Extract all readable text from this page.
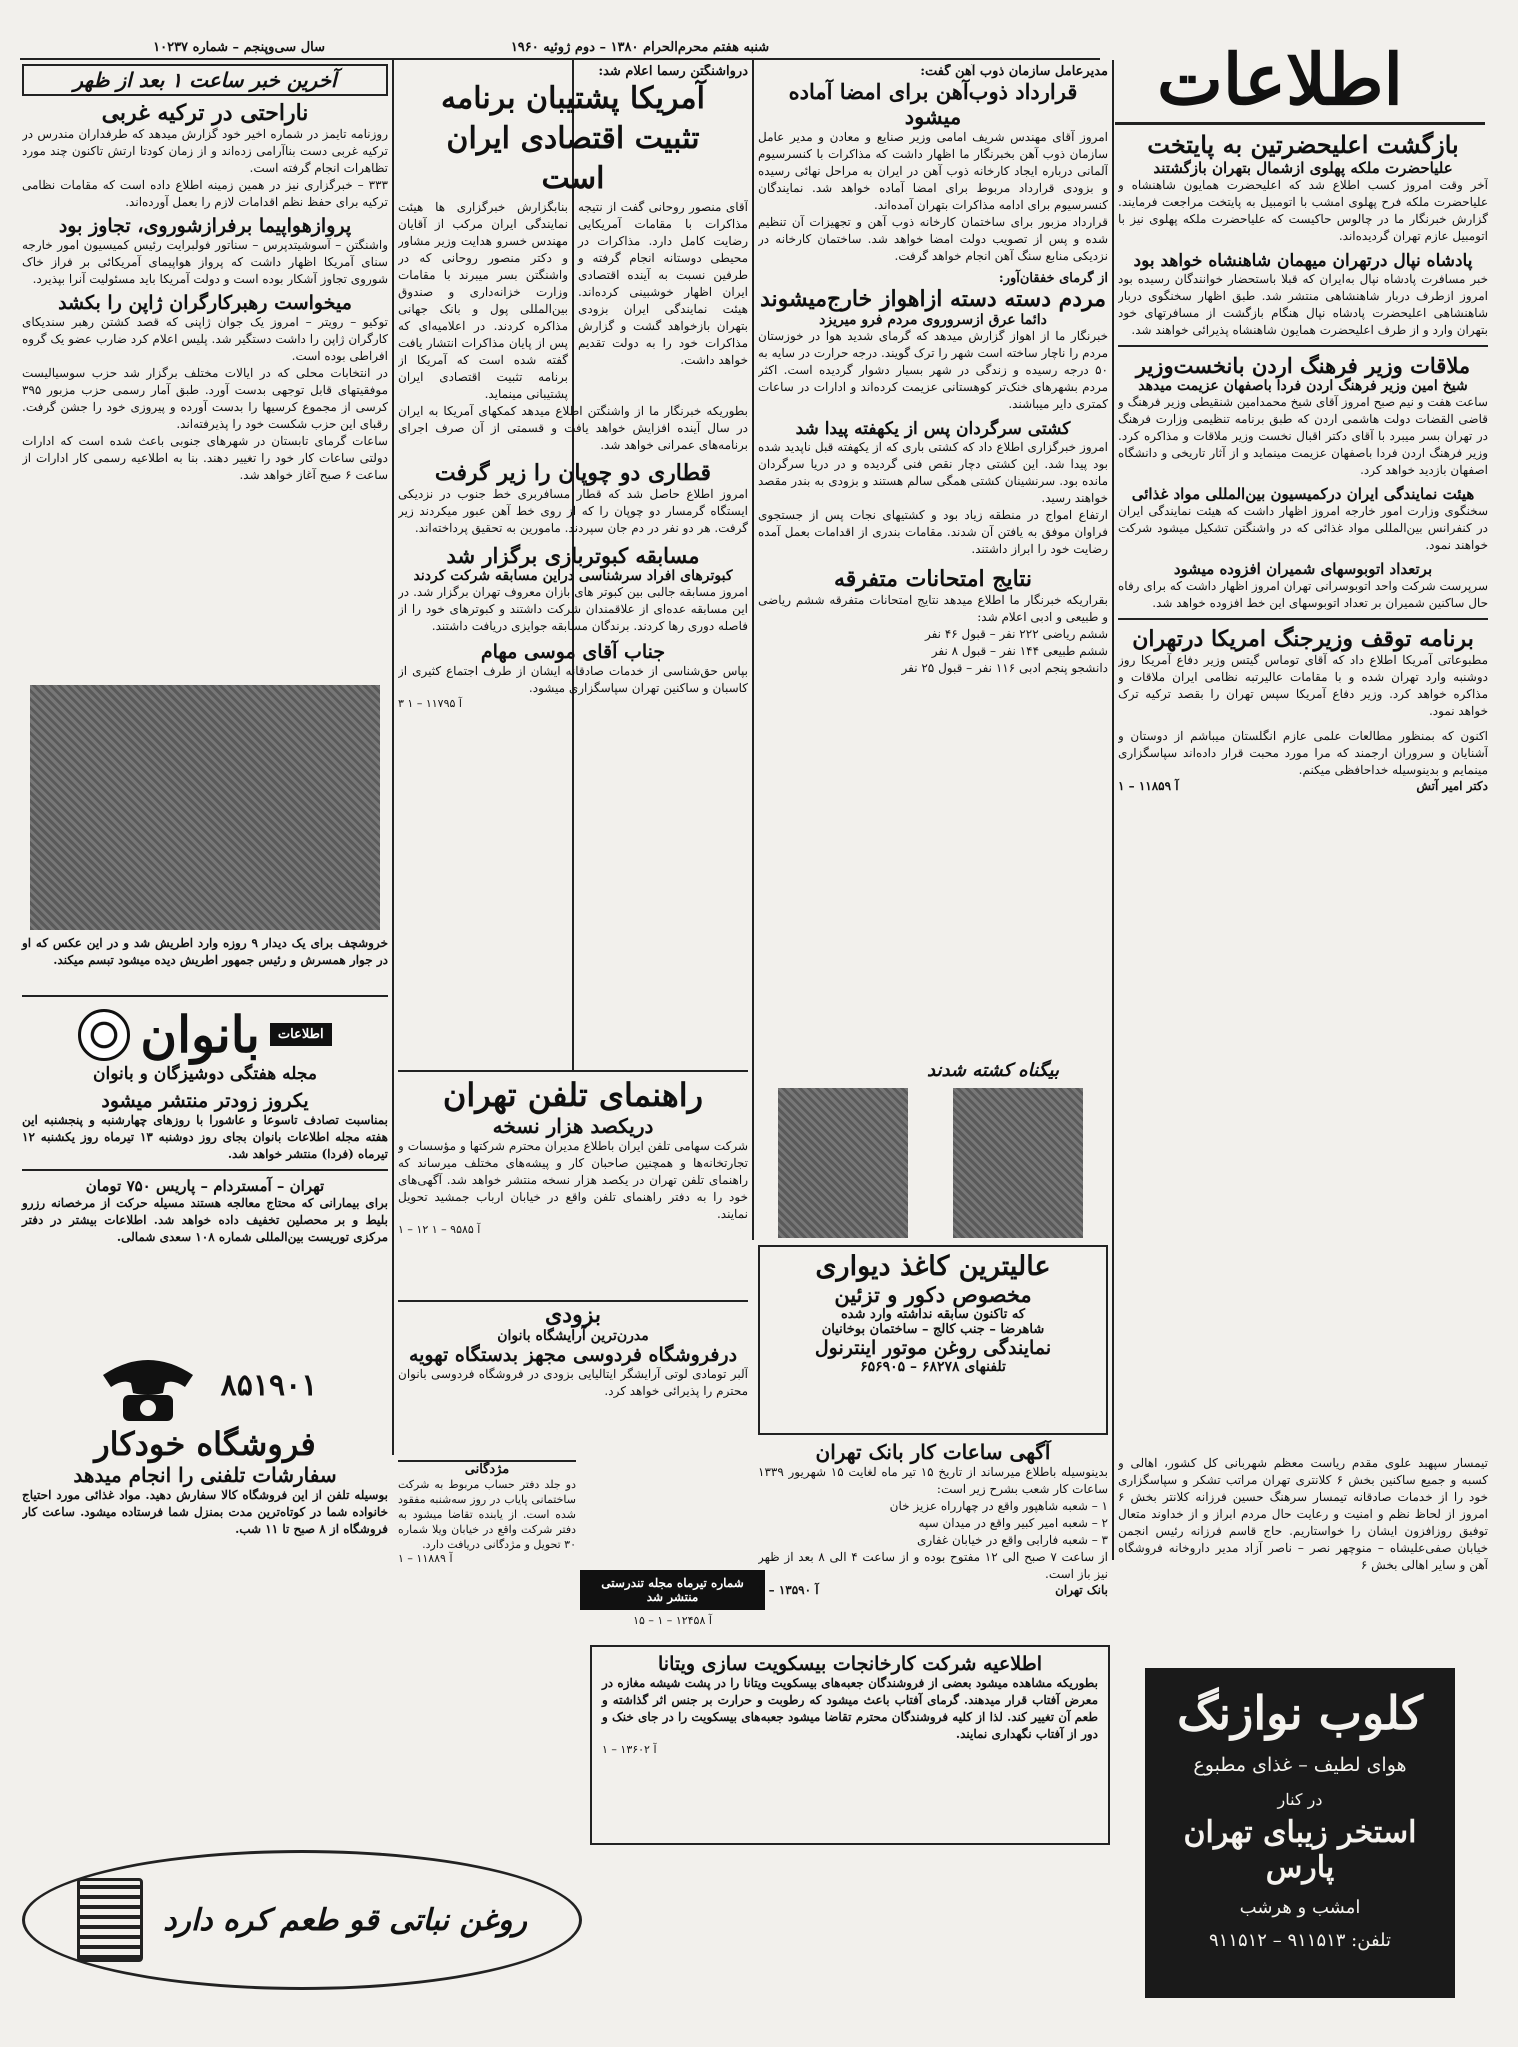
اطلاعات
سال سی‌وپنجم – شماره ۱۰۲۳۷	شنبه هفتم محرم‌الحرام ۱۳۸۰ – دوم ژوئیه ۱۹۶۰
بازگشت اعلیحضرتین به پایتخت
علیاحضرت ملکه پهلوی ازشمال بتهران بازگشتند
آخر وقت امروز کسب اطلاع شد که اعلیحضرت همایون شاهنشاه و علیاحضرت ملکه فرح پهلوی امشب با اتومبیل به پایتخت مراجعت فرمایند. گزارش خبرنگار ما در چالوس حاکیست که علیاحضرت ملکه پهلوی نیز با اتومبیل عازم تهران گردیده‌اند.
پادشاه نپال درتهران میهمان شاهنشاه خواهد بود
خبر مسافرت پادشاه نپال به‌ایران که قبلا باستحضار خوانندگان رسیده بود امروز ازطرف دربار شاهنشاهی منتشر شد. طبق اظهار سخنگوی دربار شاهنشاهی اعلیحضرت پادشاه نپال هنگام بازگشت از مسافرتهای خود بتهران وارد و از طرف اعلیحضرت همایون شاهنشاه پذیرائی خواهند شد.
ملاقات وزیر فرهنگ اردن بانخست‌وزیر
شیخ امین وزیر فرهنگ اردن فردا باصفهان عزیمت میدهد
ساعت هفت و نیم صبح امروز آقای شیخ محمدامین شنقیطی وزیر فرهنگ و قاضی القضات دولت هاشمی اردن که طبق برنامه تنظیمی وزارت فرهنگ در تهران بسر میبرد با آقای دکتر اقبال نخست وزیر ملاقات و مذاکره کرد. وزیر فرهنگ اردن فردا باصفهان عزیمت مینماید و از آثار تاریخی و دانشگاه اصفهان بازدید خواهد کرد.
هیئت نمایندگی ایران درکمیسیون بین‌المللی مواد غذائی
سخنگوی وزارت امور خارجه امروز اظهار داشت که هیئت نمایندگی ایران در کنفرانس بین‌المللی مواد غذائی که در واشنگتن تشکیل میشود شرکت خواهند نمود.
برتعداد اتوبوسهای شمیران افزوده میشود
سرپرست شرکت واحد اتوبوسرانی تهران امروز اظهار داشت که برای رفاه حال ساکنین شمیران بر تعداد اتوبوسهای این خط افزوده خواهد شد.
برنامه توقف وزیرجنگ امریکا درتهران
مطبوعاتی آمریکا اطلاع داد که آقای توماس گیتس وزیر دفاع آمریکا روز دوشنبه وارد تهران شده و با مقامات عالیرتبه نظامی ایران ملاقات و مذاکره خواهد کرد. وزیر دفاع آمریکا سپس تهران را بقصد ترکیه ترک خواهد نمود.
اکنون که بمنظور مطالعات علمی عازم انگلستان میباشم از دوستان و آشنایان و سروران ارجمند که مرا مورد محبت قرار داده‌اند سپاسگزاری مینمایم و بدینوسیله خداحافظی میکنم.
دکتر امیر آتش
آ ۱۱۸۵۹ – ۱
تیمسار سپهبد علوی مقدم ریاست معظم شهربانی کل کشور، اهالی و کسبه و جمیع ساکنین بخش ۶ کلانتری تهران مراتب تشکر و سپاسگزاری خود را از خدمات صادقانه تیمسار سرهنگ حسین فرزانه کلانتر بخش ۶ امروز از لحاظ نظم و امنیت و رعایت حال مردم ابراز و از خداوند متعال توفیق روزافزون ایشان را خواستاریم. حاج قاسم فرزانه رئیس انجمن خیابان صفی‌علیشاه – منوچهر نصر – ناصر آزاد مدیر داروخانه فروشگاه آهن و سایر اهالی بخش ۶
کلوب نوازنگ
هوای لطیف – غذای مطبوع
در کنار
استخر زیبای تهران پارس
امشب و هرشب
تلفن: ۹۱۱۵۱۳ – ۹۱۱۵۱۲
مدیرعامل سازمان ذوب آهن گفت:
قرارداد ذوب‌آهن برای امضا آماده میشود
امروز آقای مهندس شریف امامی وزیر صنایع و معادن و مدیر عامل سازمان ذوب آهن بخبرنگار ما اظهار داشت که مذاکرات با کنسرسیوم آلمانی درباره ایجاد کارخانه ذوب آهن در ایران به مراحل نهائی رسیده و بزودی قرارداد مربوط برای امضا آماده خواهد شد. نمایندگان کنسرسیوم برای ادامه مذاکرات بتهران آمده‌اند.
قرارداد مزبور برای ساختمان کارخانه ذوب آهن و تجهیزات آن تنظیم شده و پس از تصویب دولت امضا خواهد شد. ساختمان کارخانه در نزدیکی منابع سنگ آهن انجام خواهد گرفت.
از گرمای خفقان‌آور:
مردم دسته دسته ازاهواز خارج‌میشوند
دائما عرق ازسروروی مردم فرو میریزد
خبرنگار ما از اهواز گزارش میدهد که گرمای شدید هوا در خوزستان مردم را ناچار ساخته است شهر را ترک گویند. درجه حرارت در سایه به ۵۰ درجه رسیده و زندگی در شهر بسیار دشوار گردیده است. اکثر مردم بشهرهای خنک‌تر کوهستانی عزیمت کرده‌اند و ادارات در ساعات کمتری دایر میباشند.
کشتی سرگردان پس از یکهفته پیدا شد
امروز خبرگزاری اطلاع داد که کشتی باری که از یکهفته قبل ناپدید شده بود پیدا شد. این کشتی دچار نقص فنی گردیده و در دریا سرگردان مانده بود. سرنشینان کشتی همگی سالم هستند و بزودی به بندر مقصد خواهند رسید.
ارتفاع امواج در منطقه زیاد بود و کشتیهای نجات پس از جستجوی فراوان موفق به یافتن آن شدند. مقامات بندری از اقدامات بعمل آمده رضایت خود را ابراز داشتند.
نتایج امتحانات متفرقه
بقراریکه خبرنگار ما اطلاع میدهد نتایج امتحانات متفرقه ششم ریاضی و طبیعی و ادبی اعلام شد:
ششم ریاضی ۲۲۲ نفر – قبول ۴۶ نفر
ششم طبیعی ۱۴۴ نفر – قبول ۸ نفر
دانشجو پنجم ادبی ۱۱۶ نفر – قبول ۲۵ نفر
بیگناه کشته شدند
درواشنگتن رسما اعلام شد:
آمریکا پشتیبان برنامه تثبیت اقتصادی ایران است
بنابگزارش خبرگزاری ها هیئت نمایندگی ایران مرکب از آقایان مهندس خسرو هدایت وزیر مشاور و دکتر منصور روحانی که در واشنگتن بسر میبرند با مقامات وزارت خزانه‌داری و صندوق بین‌المللی پول و بانک جهانی مذاکره کردند. در اعلامیه‌ای که پس از پایان مذاکرات انتشار یافت گفته شده است که آمریکا از برنامه تثبیت اقتصادی ایران پشتیبانی مینماید.
آقای منصور روحانی گفت از نتیجه مذاکرات با مقامات آمریکایی رضایت کامل دارد. مذاکرات در محیطی دوستانه انجام گرفته و طرفین نسبت به آینده اقتصادی ایران اظهار خوشبینی کرده‌اند. هیئت نمایندگی ایران بزودی بتهران بازخواهد گشت و گزارش مذاکرات خود را به دولت تقدیم خواهد داشت.
بطوریکه خبرنگار ما از واشنگتن اطلاع میدهد کمکهای آمریکا به ایران در سال آینده افزایش خواهد یافت و قسمتی از آن صرف اجرای برنامه‌های عمرانی خواهد شد.
قطاری دو چوپان را زیر گرفت
امروز اطلاع حاصل شد که قطار مسافربری خط جنوب در نزدیکی ایستگاه گرمسار دو چوپان را که از روی خط آهن عبور میکردند زیر گرفت. هر دو نفر در دم جان سپردند. مامورین به تحقیق پرداخته‌اند.
مسابقه کبوتربازی برگزار شد
کبوترهای افراد سرشناسی دراین مسابقه شرکت کردند
امروز مسابقه جالبی بین کبوتر های بازان معروف تهران برگزار شد. در این مسابقه عده‌ای از علاقمندان شرکت داشتند و کبوترهای خود را از فاصله دوری رها کردند. برندگان مسابقه جوایزی دریافت داشتند.
جناب آقای موسی مهام
بپاس حق‌شناسی از خدمات صادقانه ایشان از طرف اجتماع کثیری از کاسبان و ساکنین تهران سپاسگزاری میشود.
آ ۱۱۷۹۵ – ۱ ۳
آخرین خبر ساعت ۱ بعد از ظهر
ناراحتی در ترکیه غربی
روزنامه تایمز در شماره اخیر خود گزارش میدهد که طرفداران مندرس در ترکیه غربی دست بناآرامی زده‌اند و از زمان کودتا ارتش تاکنون چند مورد تظاهرات انجام گرفته است.
۳۳۳ – خبرگزاری نیز در همین زمینه اطلاع داده است که مقامات نظامی ترکیه برای حفظ نظم اقدامات لازم را بعمل آورده‌اند.
پروازهواپیما برفرازشوروی، تجاوز بود
واشنگتن – آسوشیتدپرس – سناتور فولبرایت رئیس کمیسیون امور خارجه سنای آمریکا اظهار داشت که پرواز هواپیمای آمریکائی بر فراز خاک شوروی تجاوز آشکار بوده است و دولت آمریکا باید مسئولیت آنرا بپذیرد.
میخواست رهبرکارگران ژاپن را بکشد
توکیو – رویتر – امروز یک جوان ژاپنی که قصد کشتن رهبر سندیکای کارگران ژاپن را داشت دستگیر شد. پلیس اعلام کرد ضارب عضو یک گروه افراطی بوده است.
در انتخابات محلی که در ایالات مختلف برگزار شد حزب سوسیالیست موفقیتهای قابل توجهی بدست آورد. طبق آمار رسمی حزب مزبور ۳۹۵ کرسی از مجموع کرسیها را بدست آورده و پیروزی خود را جشن گرفت. رقبای این حزب شکست خود را پذیرفته‌اند.
ساعات گرمای تابستان در شهرهای جنوبی باعث شده است که ادارات دولتی ساعات کار خود را تغییر دهند. بنا به اطلاعیه رسمی کار ادارات از ساعت ۶ صبح آغاز خواهد شد.
خروشچف برای یک دیدار ۹ روزه وارد اطریش شد و در این عکس که او در جوار همسرش و رئیس جمهور اطریش دیده میشود تبسم میکند.
اطلاعات
بانوان
مجله هفتگی دوشیزگان و بانوان
یکروز زودتر منتشر میشود
بمناسبت تصادف تاسوعا و عاشورا با روزهای چهارشنبه و پنجشنبه این هفته مجله اطلاعات بانوان بجای روز دوشنبه ۱۳ تیرماه روز یکشنبه ۱۲ تیرماه (فردا) منتشر خواهد شد.
تهران – آمستردام – پاریس ۷۵۰ تومان
برای بیمارانی که محتاج معالجه هستند مسیله حرکت از مرخصانه رزرو بلیط و بر محصلین تخفیف داده خواهد شد. اطلاعات بیشتر در دفتر مرکزی توریست بین‌المللی شماره ۱۰۸ سعدی شمالی.
۸۵۱۹۰۱
فروشگاه خودکار
سفارشات تلفنی را انجام میدهد
بوسیله تلفن از این فروشگاه کالا سفارش دهید. مواد غذائی مورد احتیاج خانواده شما در کوتاه‌ترین مدت بمنزل شما فرستاده میشود. ساعت کار فروشگاه از ۸ صبح تا ۱۱ شب.
روغن نباتی قو طعم کره دارد
راهنمای تلفن تهران
دریکصد هزار نسخه
شرکت سهامی تلفن ایران باطلاع مدیران محترم شرکتها و مؤسسات و تجارتخانه‌ها و همچنین صاحبان کار و پیشه‌های مختلف میرساند که راهنمای تلفن تهران در یکصد هزار نسخه منتشر خواهد شد. آگهی‌های خود را به دفتر راهنمای تلفن واقع در خیابان ارباب جمشید تحویل نمایند.
آ ۹۵۸۵ – ۱ ۱۲ – ۱
بزودی
مدرن‌ترین آرایشگاه بانوان
درفروشگاه فردوسی مجهز بدستگاه تهویه
آلبر تومادی لوتی آرایشگر ایتالیایی بزودی در فروشگاه فردوسی بانوان محترم را پذیرائی خواهد کرد.
مژدگانی
دو جلد دفتر حساب مربوط به شرکت ساختمانی پایاب در روز سه‌شنبه مفقود شده است. از یابنده تقاضا میشود به دفتر شرکت واقع در خیابان ویلا شماره ۳۰ تحویل و مژدگانی دریافت دارد.
آ ۱۱۸۸۹ – ۱
شماره تیرماه مجله تندرستی منتشر شد
آ ۱۲۴۵۸ – ۱ – ۱۵
عالیترین کاغذ دیواری
مخصوص دکور و تزئین
که تاکنون سابقه نداشته وارد شده
شاهرضا – جنب کالج – ساختمان بوخانیان
نمایندگی روغن موتور اینترنول
تلفنهای ۶۸۲۷۸ – ۶۵۶۹۰۵
آگهی ساعات کار بانک تهران
بدینوسیله باطلاع میرساند از تاریخ ۱۵ تیر ماه لغایت ۱۵ شهریور ۱۳۳۹ ساعات کار شعب بشرح زیر است:
۱ – شعبه شاهپور واقع در چهارراه عزیز خان
۲ – شعبه امیر کبیر واقع در میدان سپه
۳ – شعبه فارابی واقع در خیابان غفاری
از ساعت ۷ صبح الی ۱۲ مفتوح بوده و از ساعت ۴ الی ۸ بعد از ظهر نیز باز است.
بانک تهران
آ ۱۳۵۹۰ – ۱
اطلاعیه شرکت کارخانجات بیسکویت سازی ویتانا
بطوریکه مشاهده میشود بعضی از فروشندگان جعبه‌های بیسکویت ویتانا را در پشت شیشه مغازه در معرض آفتاب قرار میدهند. گرمای آفتاب باعث میشود که رطوبت و حرارت بر جنس اثر گذاشته و طعم آن تغییر کند. لذا از کلیه فروشندگان محترم تقاضا میشود جعبه‌های بیسکویت را در جای خنک و دور از آفتاب نگهداری نمایند.
آ ۱۳۶۰۲ – ۱
